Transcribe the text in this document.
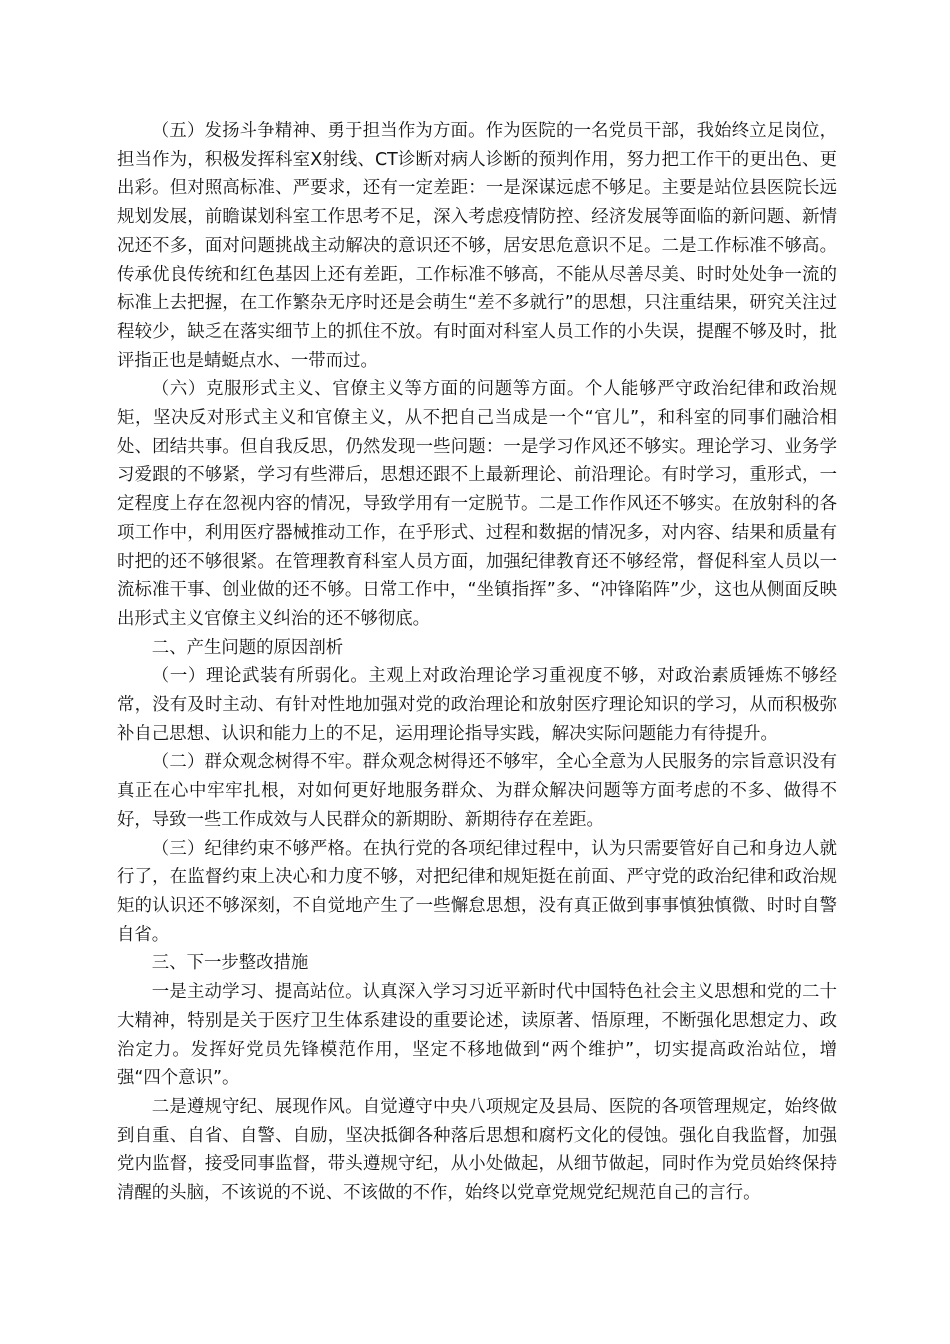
（五）发扬斗争精神、勇于担当作为方面。作为医院的一名党员干部，我始终立足岗位，担当作为，积极发挥科室X射线、CT诊断对病人诊断的预判作用，努力把工作干的更出色、更出彩。但对照高标准、严要求，还有一定差距：一是深谋远虑不够足。主要是站位县医院长远规划发展，前瞻谋划科室工作思考不足，深入考虑疫情防控、经济发展等面临的新问题、新情况还不多，面对问题挑战主动解决的意识还不够，居安思危意识不足。二是工作标准不够高。传承优良传统和红色基因上还有差距，工作标准不够高，不能从尽善尽美、时时处处争一流的标准上去把握，在工作繁杂无序时还是会萌生“差不多就行”的思想，只注重结果，研究关注过程较少，缺乏在落实细节上的抓住不放。有时面对科室人员工作的小失误，提醒不够及时，批评指正也是蜻蜓点水、一带而过。

（六）克服形式主义、官僚主义等方面的问题等方面。个人能够严守政治纪律和政治规矩，坚决反对形式主义和官僚主义，从不把自己当成是一个“官儿”，和科室的同事们融洽相处、团结共事。但自我反思，仍然发现一些问题：一是学习作风还不够实。理论学习、业务学习爱跟的不够紧，学习有些滞后，思想还跟不上最新理论、前沿理论。有时学习，重形式，一定程度上存在忽视内容的情况，导致学用有一定脱节。二是工作作风还不够实。在放射科的各项工作中，利用医疗器械推动工作，在乎形式、过程和数据的情况多，对内容、结果和质量有时把的还不够很紧。在管理教育科室人员方面，加强纪律教育还不够经常，督促科室人员以一流标准干事、创业做的还不够。日常工作中，“坐镇指挥”多、“冲锋陷阵”少，这也从侧面反映出形式主义官僚主义纠治的还不够彻底。

二、产生问题的原因剖析

（一）理论武装有所弱化。主观上对政治理论学习重视度不够，对政治素质锤炼不够经常，没有及时主动、有针对性地加强对党的政治理论和放射医疗理论知识的学习，从而积极弥补自己思想、认识和能力上的不足，运用理论指导实践，解决实际问题能力有待提升。

（二）群众观念树得不牢。群众观念树得还不够牢，全心全意为人民服务的宗旨意识没有真正在心中牢牢扎根，对如何更好地服务群众、为群众解决问题等方面考虑的不多、做得不好，导致一些工作成效与人民群众的新期盼、新期待存在差距。

（三）纪律约束不够严格。在执行党的各项纪律过程中，认为只需要管好自己和身边人就行了，在监督约束上决心和力度不够，对把纪律和规矩挺在前面、严守党的政治纪律和政治规矩的认识还不够深刻，不自觉地产生了一些懈怠思想，没有真正做到事事慎独慎微、时时自警自省。

三、下一步整改措施

一是主动学习、提高站位。认真深入学习习近平新时代中国特色社会主义思想和党的二十大精神，特别是关于医疗卫生体系建设的重要论述，读原著、悟原理，不断强化思想定力、政治定力。发挥好党员先锋模范作用，坚定不移地做到“两个维护”，切实提高政治站位，增强“四个意识”。

二是遵规守纪、展现作风。自觉遵守中央八项规定及县局、医院的各项管理规定，始终做到自重、自省、自警、自励，坚决抵御各种落后思想和腐朽文化的侵蚀。强化自我监督，加强党内监督，接受同事监督，带头遵规守纪，从小处做起，从细节做起，同时作为党员始终保持清醒的头脑，不该说的不说、不该做的不作，始终以党章党规党纪规范自己的言行。
